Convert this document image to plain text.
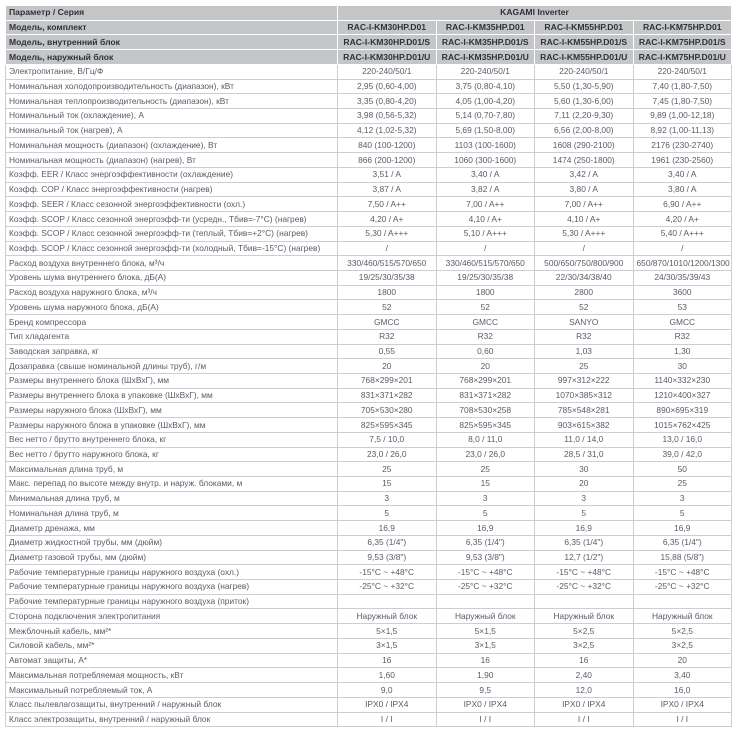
Параметр / Серия	KAGAMI Inverter			
Модель, комплект	RAC-I-KM30HP.D01	RAC-I-KM35HP.D01	RAC-I-KM55HP.D01	RAC-I-KM75HP.D01
Модель, внутренний блок	RAC-I-KM30HP.D01/S	RAC-I-KM35HP.D01/S	RAC-I-KM55HP.D01/S	RAC-I-KM75HP.D01/S
Модель, наружный блок	RAC-I-KM30HP.D01/U	RAC-I-KM35HP.D01/U	RAC-I-KM55HP.D01/U	RAC-I-KM75HP.D01/U
Электропитание, В/Гц/Ф	220-240/50/1	220-240/50/1	220-240/50/1	220-240/50/1
Номинальная холодопроизводительность (диапазон), кВт	2,95 (0,60-4,00)	3,75 (0,80-4,10)	5,50 (1,30-5,90)	7,40 (1,80-7,50)
Номинальная теплопроизводительность (диапазон), кВт	3,35 (0,80-4,20)	4,05 (1,00-4,20)	5,60 (1,30-6,00)	7,45 (1,80-7,50)
Номинальный ток (охлаждение), А	3,98 (0,56-5,32)	5,14 (0,70-7,80)	7,11 (2,20-9,30)	9,89 (1,00-12,18)
Номинальный ток (нагрев), А	4,12 (1,02-5,32)	5,69 (1,50-8,00)	6,56 (2,00-8,00)	8,92 (1,00-11,13)
Номинальная мощность (диапазон) (охлаждение), Вт	840 (100-1200)	1103 (100-1600)	1608 (290-2100)	2176 (230-2740)
Номинальная мощность (диапазон) (нагрев), Вт	866 (200-1200)	1060 (300-1600)	1474 (250-1800)	1961 (230-2560)
Коэфф. EER / Класс энергоэффективности (охлаждение)	3,51 / A	3,40 / A	3,42 / A	3,40 / A
Коэфф. COP / Класс энергоэффективности (нагрев)	3,87 / A	3,82 / A	3,80 / A	3,80 / A
Коэфф. SEER / Класс сезонной энергоэффективности (охл.)	7,50 / A++	7,00 / A++	7,00 / A++	6,90 / A++
Коэфф. SCOP / Класс сезонной энергоэфф-ти (усредн., Tбив=-7°C) (нагрев)	4,20 / A+	4,10 / A+	4,10 / A+	4,20 / A+
Коэфф. SCOP / Класс сезонной энергоэфф-ти (теплый, Tбив=+2°C) (нагрев)	5,30 / A+++	5,10 / A+++	5,30 / A+++	5,40 / A+++
Коэфф. SCOP / Класс сезонной энергоэфф-ти (холодный, Tбив=-15°C) (нагрев)	/	/	/	/
Расход воздуха внутреннего блока, м³/ч	330/460/515/570/650	330/460/515/570/650	500/650/750/800/900	650/870/1010/1200/1300
Уровень шума внутреннего блока, дБ(А)	19/25/30/35/38	19/25/30/35/38	22/30/34/38/40	24/30/35/39/43
Расход воздуха наружного блока, м³/ч	1800	1800	2800	3600
Уровень шума наружного блока, дБ(А)	52	52	52	53
Бренд компрессора	GMCC	GMCC	SANYO	GMCC
Тип хладагента	R32	R32	R32	R32
Заводская заправка, кг	0,55	0,60	1,03	1,30
Дозаправка (свыше номинальной длины труб), г/м	20	20	25	30
Размеры внутреннего блока (ШхВхГ), мм	768×299×201	768×299×201	997×312×222	1140×332×230
Размеры внутреннего блока в упаковке (ШхВхГ), мм	831×371×282	831×371×282	1070×385×312	1210×400×327
Размеры наружного блока (ШхВхГ), мм	705×530×280	708×530×258	785×548×281	890×695×319
Размеры наружного блока в упаковке (ШхВхГ), мм	825×595×345	825×595×345	903×615×382	1015×762×425
Вес нетто / брутто внутреннего блока, кг	7,5 / 10,0	8,0 / 11,0	11,0 / 14,0	13,0 / 16,0
Вес нетто / брутто наружного блока, кг	23,0 / 26,0	23,0 / 26,0	28,5 / 31,0	39,0 / 42,0
Максимальная длина труб, м	25	25	30	50
Макс. перепад по высоте между внутр. и наруж. блоками, м	15	15	20	25
Минимальная длина труб, м	3	3	3	3
Номинальная длина труб, м	5	5	5	5
Диаметр дренажа, мм	16,9	16,9	16,9	16,9
Диаметр жидкостной трубы, мм (дюйм)	6,35 (1/4")	6,35 (1/4")	6,35 (1/4")	6,35 (1/4")
Диаметр газовой трубы, мм (дюйм)	9,53 (3/8")	9,53 (3/8")	12,7 (1/2")	15,88 (5/8")
Рабочие температурные границы наружного воздуха (охл.)	-15°C ~ +48°C	-15°C ~ +48°C	-15°C ~ +48°C	-15°C ~ +48°C
Рабочие температурные границы наружного воздуха (нагрев)	-25°C ~ +32°C	-25°C ~ +32°C	-25°C ~ +32°C	-25°C ~ +32°C
Рабочие температурные границы наружного воздуха (приток)				
Сторона подключения электропитания	Наружный блок	Наружный блок	Наружный блок	Наружный блок
Межблочный кабель, мм²*	5×1,5	5×1,5	5×2,5	5×2,5
Силовой кабель, мм²*	3×1,5	3×1,5	3×2,5	3×2,5
Автомат защиты, А*	16	16	16	20
Максимальная потребляемая мощность, кВт	1,60	1,90	2,40	3,40
Максимальный потребляемый ток, А	9,0	9,5	12,0	16,0
Класс пылевлагозащиты, внутренний / наружный блок	IPX0 / IPX4	IPX0 / IPX4	IPX0 / IPX4	IPX0 / IPX4
Класс электрозащиты, внутренний / наружный блок	I / I	I / I	I / I	I / I
